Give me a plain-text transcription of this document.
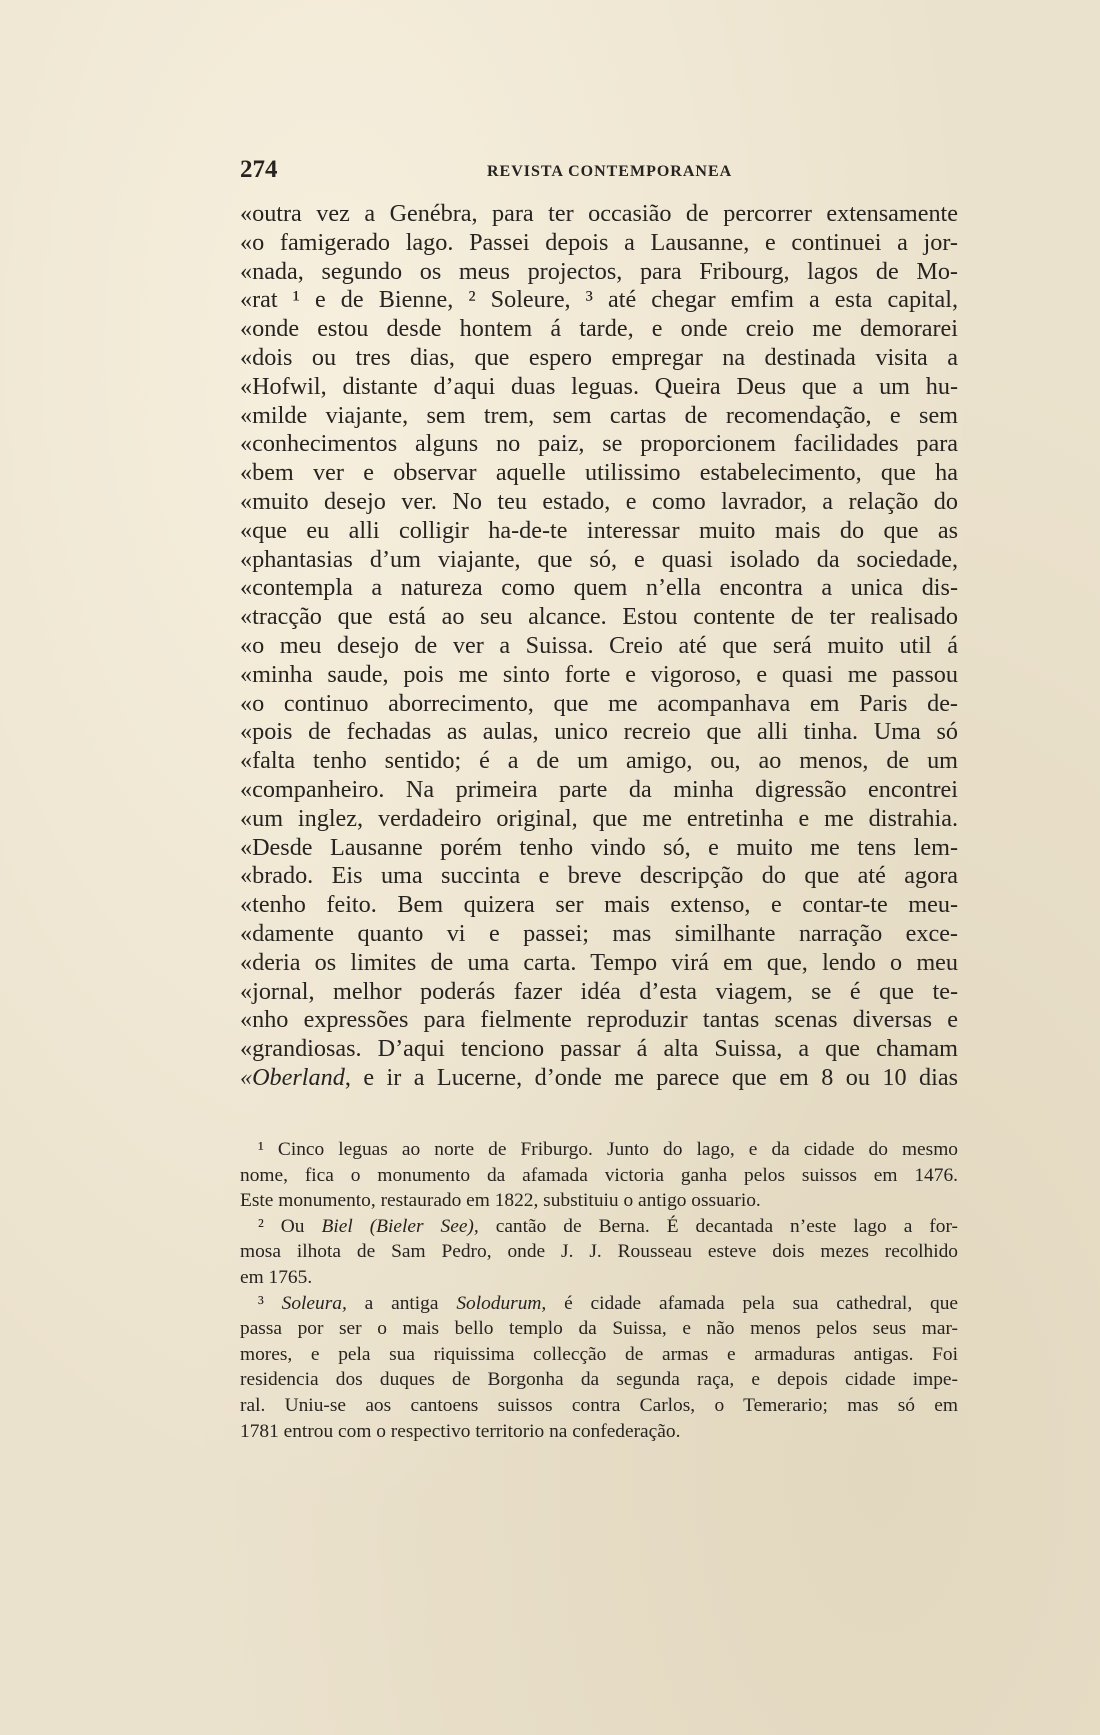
274	REVISTA CONTEMPORANEA
«outra vez a Genébra, para ter occasião de percorrer extensamente
«o famigerado lago. Passei depois a Lausanne, e continuei a jor-
«nada, segundo os meus projectos, para Fribourg, lagos de Mo-
«rat ¹ e de Bienne, ² Soleure, ³ até chegar emfim a esta capital,
«onde estou desde hontem á tarde, e onde creio me demorarei
«dois ou tres dias, que espero empregar na destinada visita a
«Hofwil, distante d’aqui duas leguas. Queira Deus que a um hu-
«milde viajante, sem trem, sem cartas de recomendação, e sem
«conhecimentos alguns no paiz, se proporcionem facilidades para
«bem ver e observar aquelle utilissimo estabelecimento, que ha
«muito desejo ver. No teu estado, e como lavrador, a relação do
«que eu alli colligir ha-de-te interessar muito mais do que as
«phantasias d’um viajante, que só, e quasi isolado da sociedade,
«contempla a natureza como quem n’ella encontra a unica dis-
«tracção que está ao seu alcance. Estou contente de ter realisado
«o meu desejo de ver a Suissa. Creio até que será muito util á
«minha saude, pois me sinto forte e vigoroso, e quasi me passou
«o continuo aborrecimento, que me acompanhava em Paris de-
«pois de fechadas as aulas, unico recreio que alli tinha. Uma só
«falta tenho sentido; é a de um amigo, ou, ao menos, de um
«companheiro. Na primeira parte da minha digressão encontrei
«um inglez, verdadeiro original, que me entretinha e me distrahia.
«Desde Lausanne porém tenho vindo só, e muito me tens lem-
«brado. Eis uma succinta e breve descripção do que até agora
«tenho feito. Bem quizera ser mais extenso, e contar-te meu-
«damente quanto vi e passei; mas similhante narração exce-
«deria os limites de uma carta. Tempo virá em que, lendo o meu
«jornal, melhor poderás fazer idéa d’esta viagem, se é que te-
«nho expressões para fielmente reproduzir tantas scenas diversas e
«grandiosas. D’aqui tenciono passar á alta Suissa, a que chamam
«Oberland, e ir a Lucerne, d’onde me parece que em 8 ou 10 dias
¹ Cinco leguas ao norte de Friburgo. Junto do lago, e da cidade do mesmo
nome, fica o monumento da afamada victoria ganha pelos suissos em 1476.
Este monumento, restaurado em 1822, substituiu o antigo ossuario.
² Ou Biel (Bieler See), cantão de Berna. É decantada n’este lago a for-
mosa ilhota de Sam Pedro, onde J. J. Rousseau esteve dois mezes recolhido
em 1765.
³ Soleura, a antiga Solodurum, é cidade afamada pela sua cathedral, que
passa por ser o mais bello templo da Suissa, e não menos pelos seus mar-
mores, e pela sua riquissima collecção de armas e armaduras antigas. Foi
residencia dos duques de Borgonha da segunda raça, e depois cidade impe-
ral. Uniu-se aos cantoens suissos contra Carlos, o Temerario; mas só em
1781 entrou com o respectivo territorio na confederação.
